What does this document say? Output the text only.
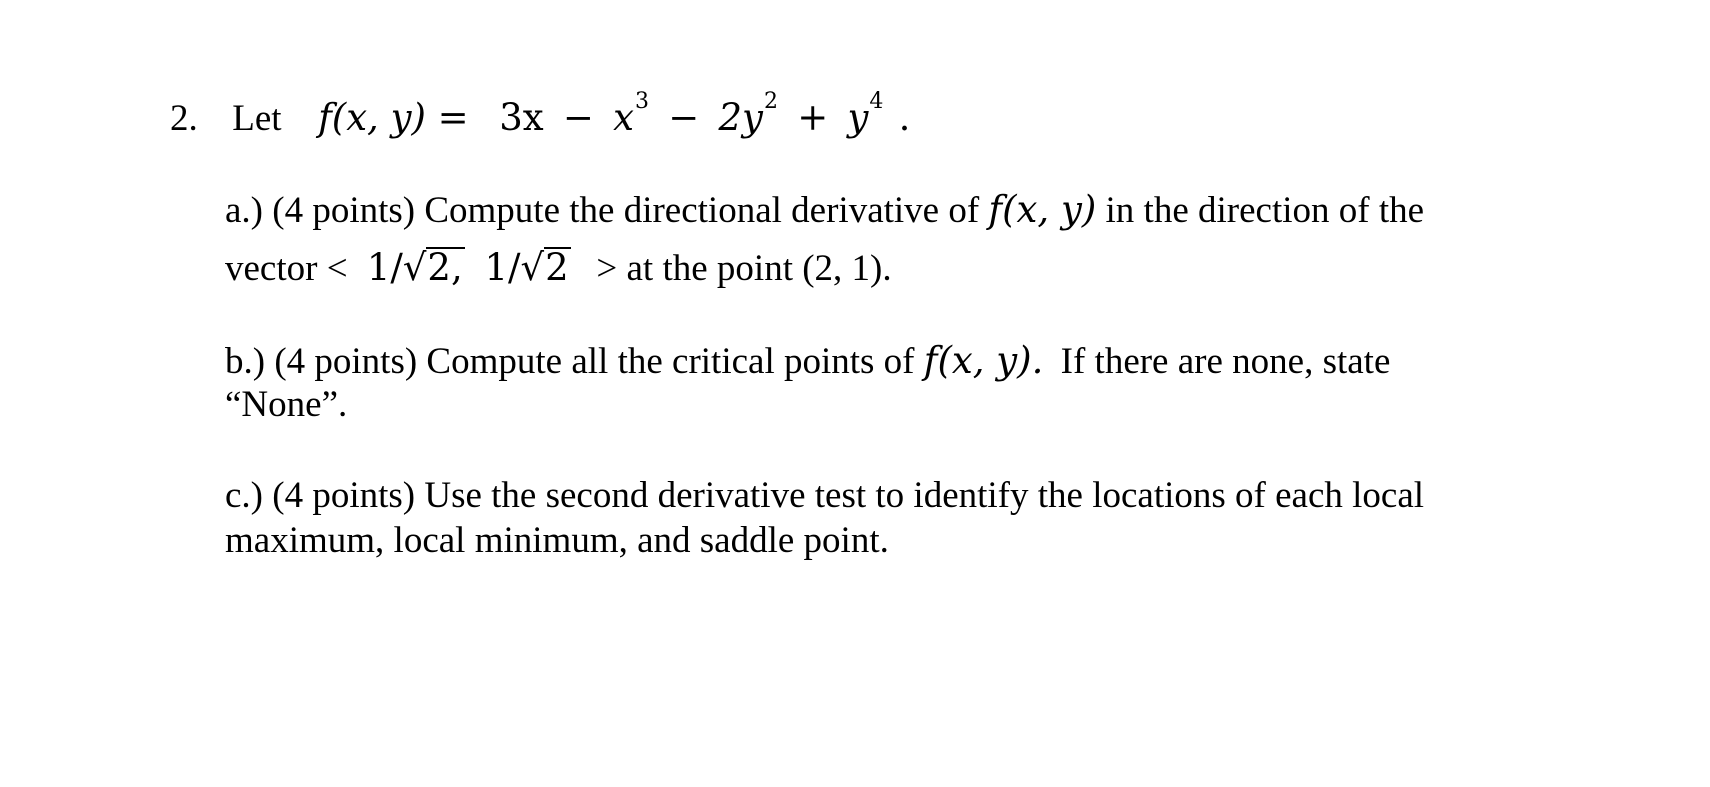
2. Let f(x, y) = 3x − x3 − 2y2 + y4 .
a.) (4 points) Compute the directional derivative of f(x, y) in the direction of the
vector < 1/√2, 1/√2 > at the point (2, 1).
b.) (4 points) Compute all the critical points of f(x, y). If there are none, state
“None”.
c.) (4 points) Use the second derivative test to identify the locations of each local
maximum, local minimum, and saddle point.
